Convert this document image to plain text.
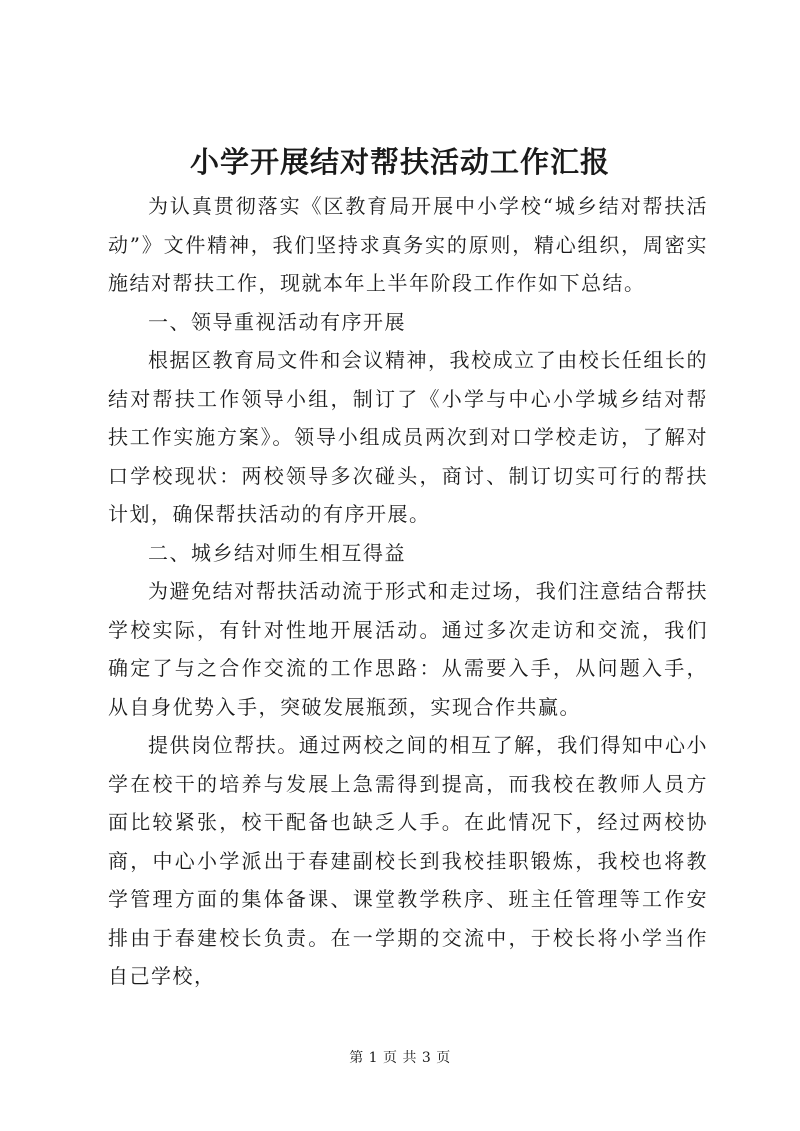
小学开展结对帮扶活动工作汇报

为认真贯彻落实《区教育局开展中小学校“城乡结对帮扶活动”》文件精神，我们坚持求真务实的原则，精心组织，周密实施结对帮扶工作，现就本年上半年阶段工作作如下总结。

一、领导重视活动有序开展

根据区教育局文件和会议精神，我校成立了由校长任组长的结对帮扶工作领导小组，制订了《小学与中心小学城乡结对帮扶工作实施方案》。领导小组成员两次到对口学校走访，了解对口学校现状：两校领导多次碰头，商讨、制订切实可行的帮扶计划，确保帮扶活动的有序开展。

二、城乡结对师生相互得益

为避免结对帮扶活动流于形式和走过场，我们注意结合帮扶学校实际，有针对性地开展活动。通过多次走访和交流，我们确定了与之合作交流的工作思路：从需要入手，从问题入手，从自身优势入手，突破发展瓶颈，实现合作共赢。

提供岗位帮扶。通过两校之间的相互了解，我们得知中心小学在校干的培养与发展上急需得到提高，而我校在教师人员方面比较紧张，校干配备也缺乏人手。在此情况下，经过两校协商，中心小学派出于春建副校长到我校挂职锻炼，我校也将教学管理方面的集体备课、课堂教学秩序、班主任管理等工作安排由于春建校长负责。在一学期的交流中，于校长将小学当作自己学校，

第 1 页 共 3 页
